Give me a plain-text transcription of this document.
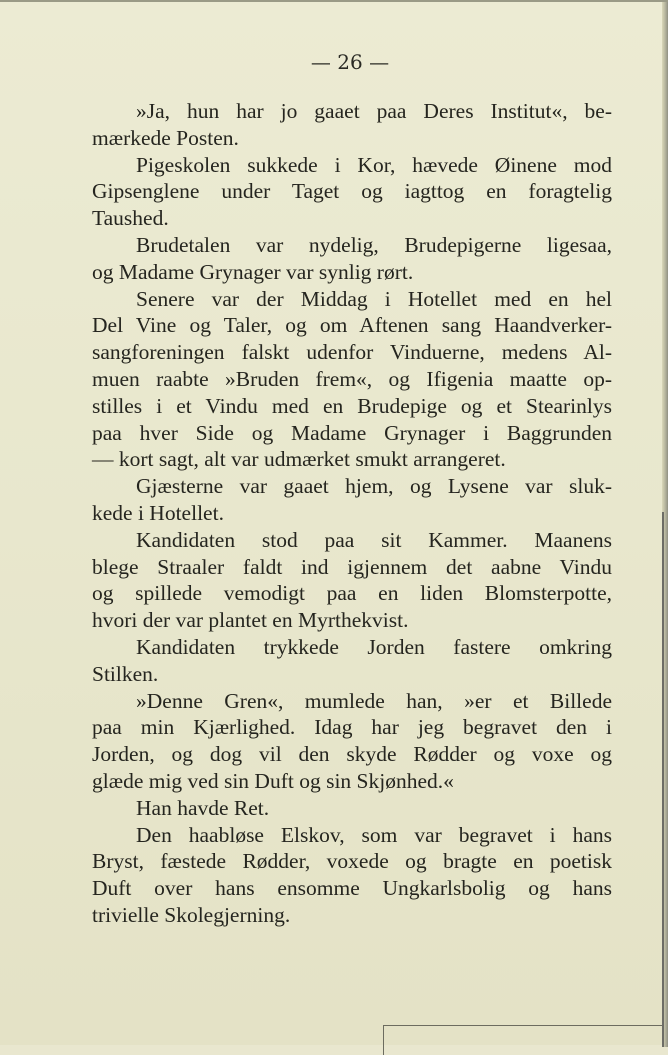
— 26 —
»Ja, hun har jo gaaet paa Deres Institut«, be-
mærkede Posten.
Pigeskolen sukkede i Kor, hævede Øinene mod
Gipsenglene under Taget og iagttog en foragtelig
Taushed.
Brudetalen var nydelig, Brudepigerne ligesaa,
og Madame Grynager var synlig rørt.
Senere var der Middag i Hotellet med en hel
Del Vine og Taler, og om Aftenen sang Haandverker-
sangforeningen falskt udenfor Vinduerne, medens Al-
muen raabte »Bruden frem«, og Ifigenia maatte op-
stilles i et Vindu med en Brudepige og et Stearinlys
paa hver Side og Madame Grynager i Baggrunden
— kort sagt, alt var udmærket smukt arrangeret.
Gjæsterne var gaaet hjem, og Lysene var sluk-
kede i Hotellet.
Kandidaten stod paa sit Kammer. Maanens
blege Straaler faldt ind igjennem det aabne Vindu
og spillede vemodigt paa en liden Blomsterpotte,
hvori der var plantet en Myrthekvist.
Kandidaten trykkede Jorden fastere omkring
Stilken.
»Denne Gren«, mumlede han, »er et Billede
paa min Kjærlighed. Idag har jeg begravet den i
Jorden, og dog vil den skyde Rødder og voxe og
glæde mig ved sin Duft og sin Skjønhed.«
Han havde Ret.
Den haabløse Elskov, som var begravet i hans
Bryst, fæstede Rødder, voxede og bragte en poetisk
Duft over hans ensomme Ungkarlsbolig og hans
trivielle Skolegjerning.
